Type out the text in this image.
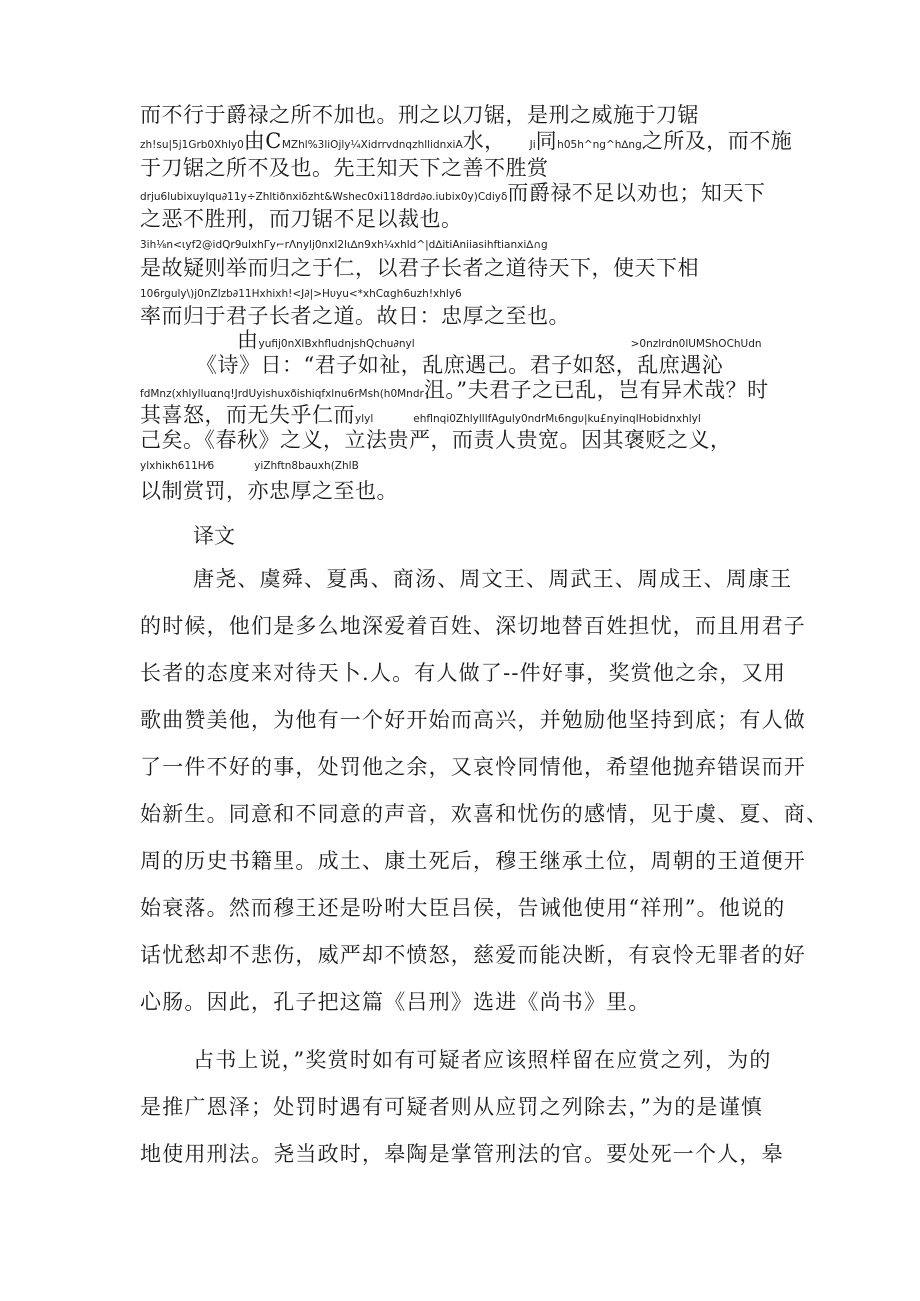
而不行于爵禄之所不加也。刑之以刀锯，是刑之威施于刀锯
zh!su|5j1Grb0Xhly0 由 C MZhl%3liOjly¼XidrrvdnqzhllidnxiA 水， Ji 同 h05h^ng^h∆ng 之所及，而不施
于刀锯之所不及也。先王知天下之善不胜赏
drju6lubixuylqu∂11y÷Zhltiðnxiδzht&Wshec0xi118drd∂o.iubix0y)Cdiyδ 而爵禄不足以劝也；知天下
之恶不胜刑，而刀锯不足以裁也。
3ih⅛n<ιyf2@idQr9ulxhΓy⌐rΛnylj0nxl2lι∆n9xh¼xhld^|d∆itiAniiasihftianxi∆∩g
是故疑则举而归之于仁，以君子长者之道待天下，使天下相
106rguly\)j0nZlzb∂11Hxhixh!<J∂|>Hυyu<*xhCαgh6uzh!xhly6
率而归于君子长者之道。故日：忠厚之至也。
由 yufij0nXlBxhfludnjshQchu∂nyl	>0nzlrdn0lUMShOChUdn
《诗》日：“君子如祉，乱庶遇己。君子如怒，乱庶遇沁
fdMnz(xhlylluαnq!JrdUyishuxðishiqfxlnu6rMsh(h0Mndr 沮。”夫君子之已乱，岂有异术哉？时
其喜怒，而无失乎仁而 ylyl	ehflnqi0ZhlylllfAguly0ndrMι6ngυ|ku£nyinqlHobidnxhlyl
己矣。《春秋》之义，立法贵严，而责人贵宽。因其褒贬之义，
ylxhiκh611H⁄6	yiZhftn8bauxh(ZhlB
以制赏罚，亦忠厚之至也。
译文
唐尧、虞舜、夏禹、商汤、周文王、周武王、周成王、周康王
的时候，他们是多么地深爱着百姓、深切地替百姓担忧，而且用君子
长者的态度来对待天卜.人。有人做了--件好事，奖赏他之余，又用
歌曲赞美他，为他有一个好开始而高兴，并勉励他坚持到底；有人做
了一件不好的事，处罚他之余，又哀怜同情他，希望他抛弃错误而开
始新生。同意和不同意的声音，欢喜和忧伤的感情，见于虞、夏、商、
周的历史书籍里。成土、康土死后，穆王继承土位，周朝的王道便开
始衰落。然而穆王还是吩咐大臣吕侯，告诫他使用“祥刑”。他说的
话忧愁却不悲伤，威严却不愤怒，慈爱而能决断，有哀怜无罪者的好
心肠。因此，孔子把这篇《吕刑》选进《尚书》里。
占书上说，”奖赏时如有可疑者应该照样留在应赏之列，为的
是推广恩泽；处罚时遇有可疑者则从应罚之列除去，”为的是谨慎
地使用刑法。尧当政时，皋陶是掌管刑法的官。要处死一个人，皋
